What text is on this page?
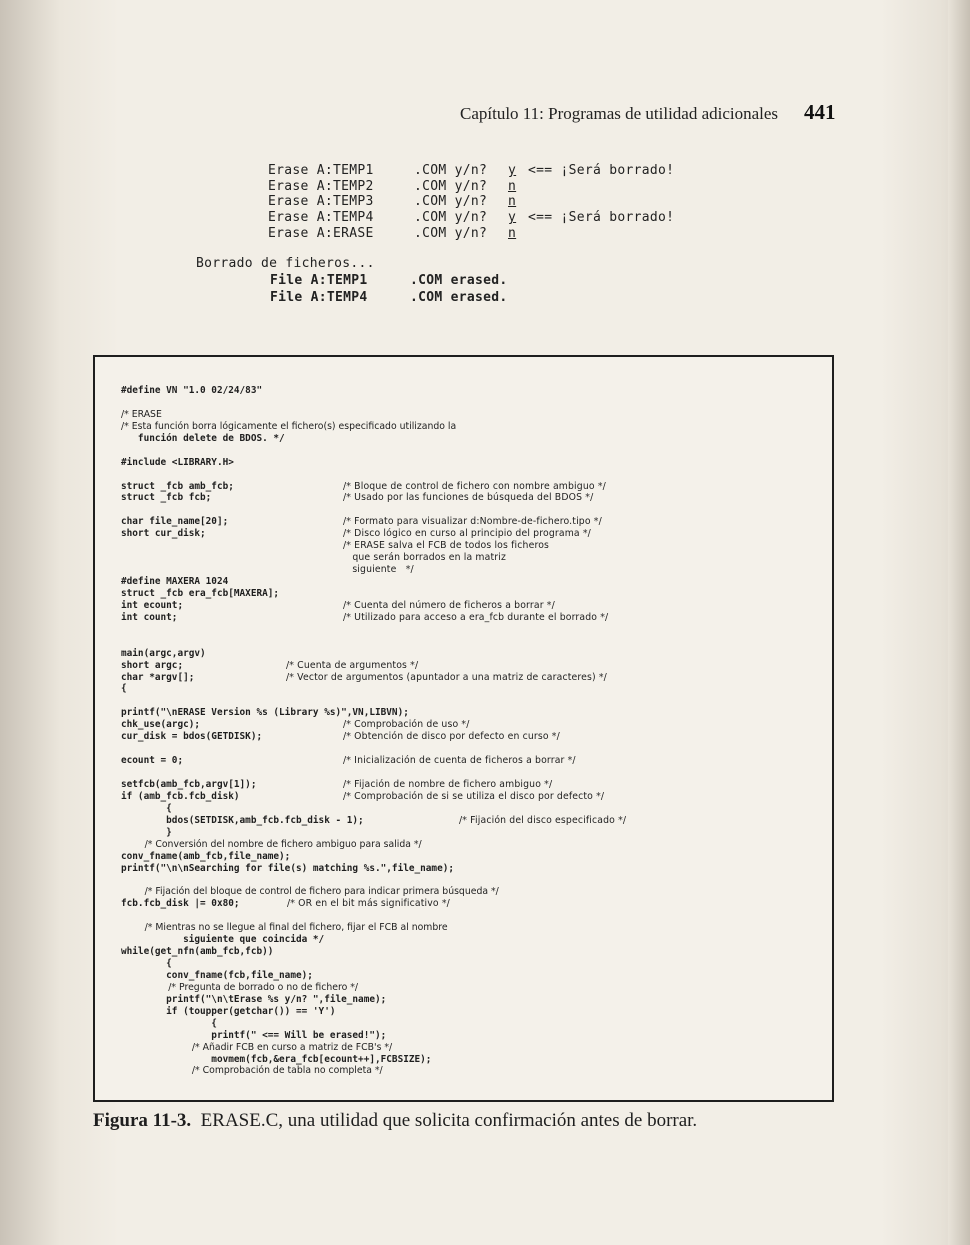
Capítulo 11: Programas de utilidad adicionales 441
Erase A:TEMP1	.COM y/n? y <== ¡Será borrado!
Erase A:TEMP2	.COM y/n? n
Erase A:TEMP3	.COM y/n? n
Erase A:TEMP4	.COM y/n? y <== ¡Será borrado!
Erase A:ERASE	.COM y/n? n
Borrado de ficheros...
File A:TEMP1	.COM erased.
File A:TEMP4	.COM erased.
#define VN "1.0 02/24/83"
/* ERASE
/* Esta función borra lógicamente el fichero(s) especificado utilizando la
función delete de BDOS. */
#include <LIBRARY.H>
struct _fcb amb_fcb;	/* Bloque de control de fichero con nombre ambiguo */
struct _fcb fcb;	/* Usado por las funciones de búsqueda del BDOS */
char file_name[20];	/* Formato para visualizar d:Nombre-de-fichero.tipo */
short cur_disk;	/* Disco lógico en curso al principio del programa */
/* ERASE salva el FCB de todos los ficheros
que serán borrados en la matriz
siguiente   */
#define MAXERA 1024
struct _fcb era_fcb[MAXERA];
int ecount;	/* Cuenta del número de ficheros a borrar */
int count;	/* Utilizado para acceso a era_fcb durante el borrado */
main(argc,argv)
short argc;	/* Cuenta de argumentos */
char *argv[];	/* Vector de argumentos (apuntador a una matriz de caracteres) */
{
printf("\nERASE Version %s (Library %s)",VN,LIBVN);
chk_use(argc);	/* Comprobación de uso */
cur_disk = bdos(GETDISK);	/* Obtención de disco por defecto en curso */
ecount = 0;	/* Inicialización de cuenta de ficheros a borrar */
setfcb(amb_fcb,argv[1]);	/* Fijación de nombre de fichero ambiguo */
if (amb_fcb.fcb_disk)	/* Comprobación de si se utiliza el disco por defecto */
{
bdos(SETDISK,amb_fcb.fcb_disk - 1);	/* Fijación del disco especificado */
}
/* Conversión del nombre de fichero ambiguo para salida */
conv_fname(amb_fcb,file_name);
printf("\n\nSearching for file(s) matching %s.",file_name);
/* Fijación del bloque de control de fichero para indicar primera búsqueda */
fcb.fcb_disk |= 0x80;	/* OR en el bit más significativo */
/* Mientras no se llegue al final del fichero, fijar el FCB al nombre
siguiente que coincida */
while(get_nfn(amb_fcb,fcb))
{
conv_fname(fcb,file_name);
/* Pregunta de borrado o no de fichero */
printf("\n\tErase %s y/n? ",file_name);
if (toupper(getchar()) == 'Y')
{
printf(" <== Will be erased!");
/* Añadir FCB en curso a matriz de FCB's */
movmem(fcb,&era_fcb[ecount++],FCBSIZE);
/* Comprobación de tabla no completa */
Figura 11-3. ERASE.C, una utilidad que solicita confirmación antes de borrar.
